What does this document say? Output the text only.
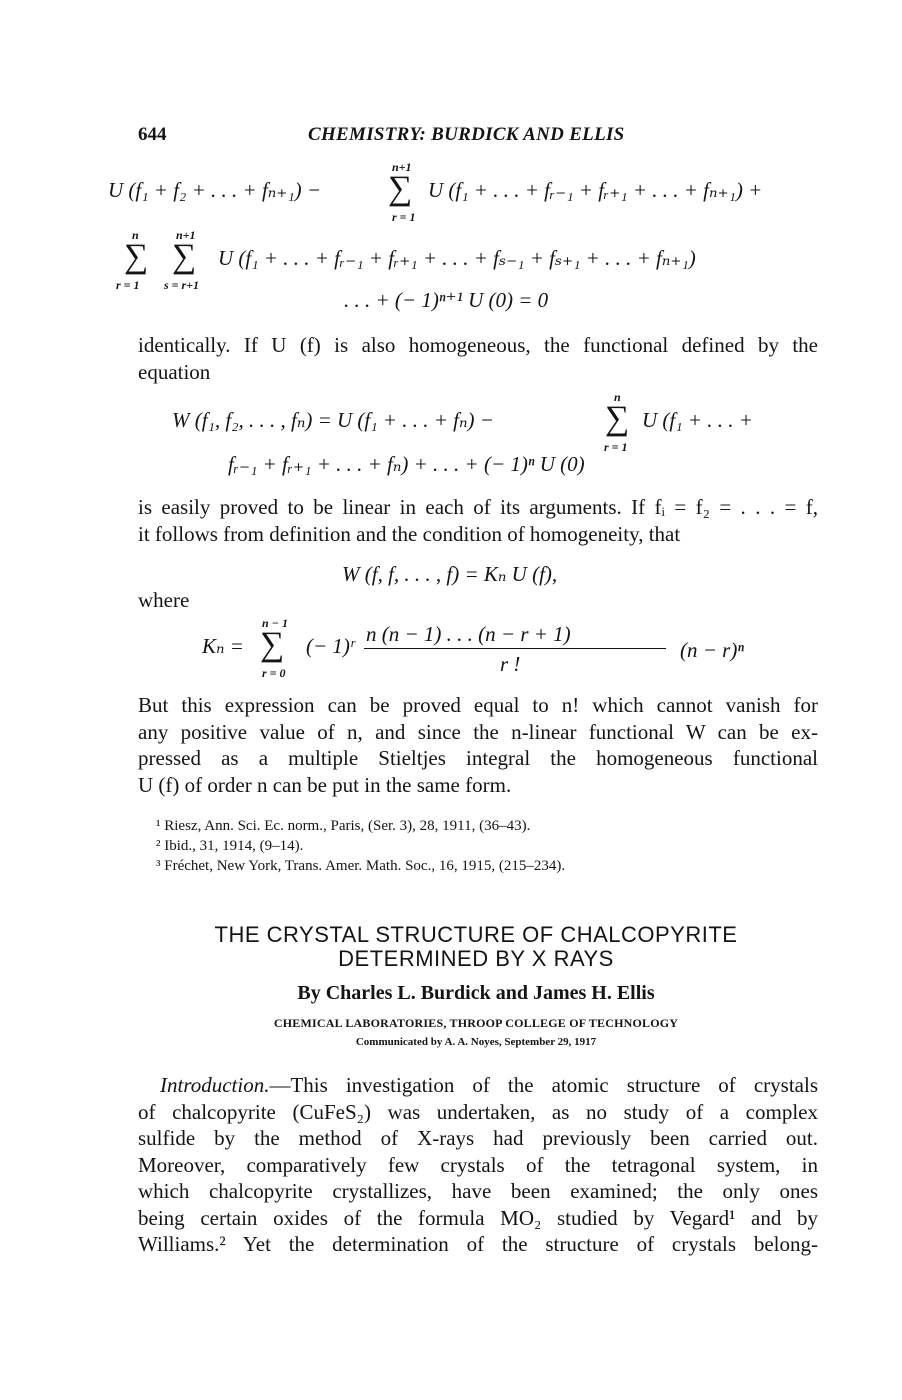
644	CHEMISTRY: BURDICK AND ELLIS
U (f₁ + f₂ + . . . + fₙ₊₁) −
n+1
∑
r = 1
U (f₁ + . . . + fᵣ₋₁ + fᵣ₊₁ + . . . + fₙ₊₁) +
n
∑
r = 1
n+1
∑
s = r+1
U (f₁ + . . . + fᵣ₋₁ + fᵣ₊₁ + . . . + fₛ₋₁ + fₛ₊₁ + . . . + fₙ₊₁)
. . . + (− 1)ⁿ⁺¹ U (0) = 0
identically. If U (f) is also homogeneous, the functional defined by the
equation
W (f₁, f₂, . . . , fₙ) = U (f₁ + . . . + fₙ) −
n
∑
r = 1
U (f₁ + . . . +
fᵣ₋₁ + fᵣ₊₁ + . . . + fₙ) + . . . + (− 1)ⁿ U (0)
is easily proved to be linear in each of its arguments. If fᵢ = f₂ = . . . = f,
it follows from definition and the condition of homogeneity, that
W (f, f, . . . , f) = Kₙ U (f),
where
Kₙ =
n − 1
∑
r = 0
(− 1)ʳ n (n − 1) . . . (n − r + 1)
r !
(n − r)ⁿ
But this expression can be proved equal to n! which cannot vanish for
any positive value of n, and since the n-linear functional W can be ex-
pressed as a multiple Stieltjes integral the homogeneous functional
U (f) of order n can be put in the same form.
¹ Riesz, Ann. Sci. Ec. norm., Paris, (Ser. 3), 28, 1911, (36–43).
² Ibid., 31, 1914, (9–14).
³ Fréchet, New York, Trans. Amer. Math. Soc., 16, 1915, (215–234).
THE CRYSTAL STRUCTURE OF CHALCOPYRITE
DETERMINED BY X RAYS
By Charles L. Burdick and James H. Ellis
CHEMICAL LABORATORIES, THROOP COLLEGE OF TECHNOLOGY
Communicated by A. A. Noyes, September 29, 1917
Introduction.—This investigation of the atomic structure of crystals
of chalcopyrite (CuFeS₂) was undertaken, as no study of a complex
sulfide by the method of X-rays had previously been carried out.
Moreover, comparatively few crystals of the tetragonal system, in
which chalcopyrite crystallizes, have been examined; the only ones
being certain oxides of the formula MO₂ studied by Vegard¹ and by
Williams.² Yet the determination of the structure of crystals belong-
